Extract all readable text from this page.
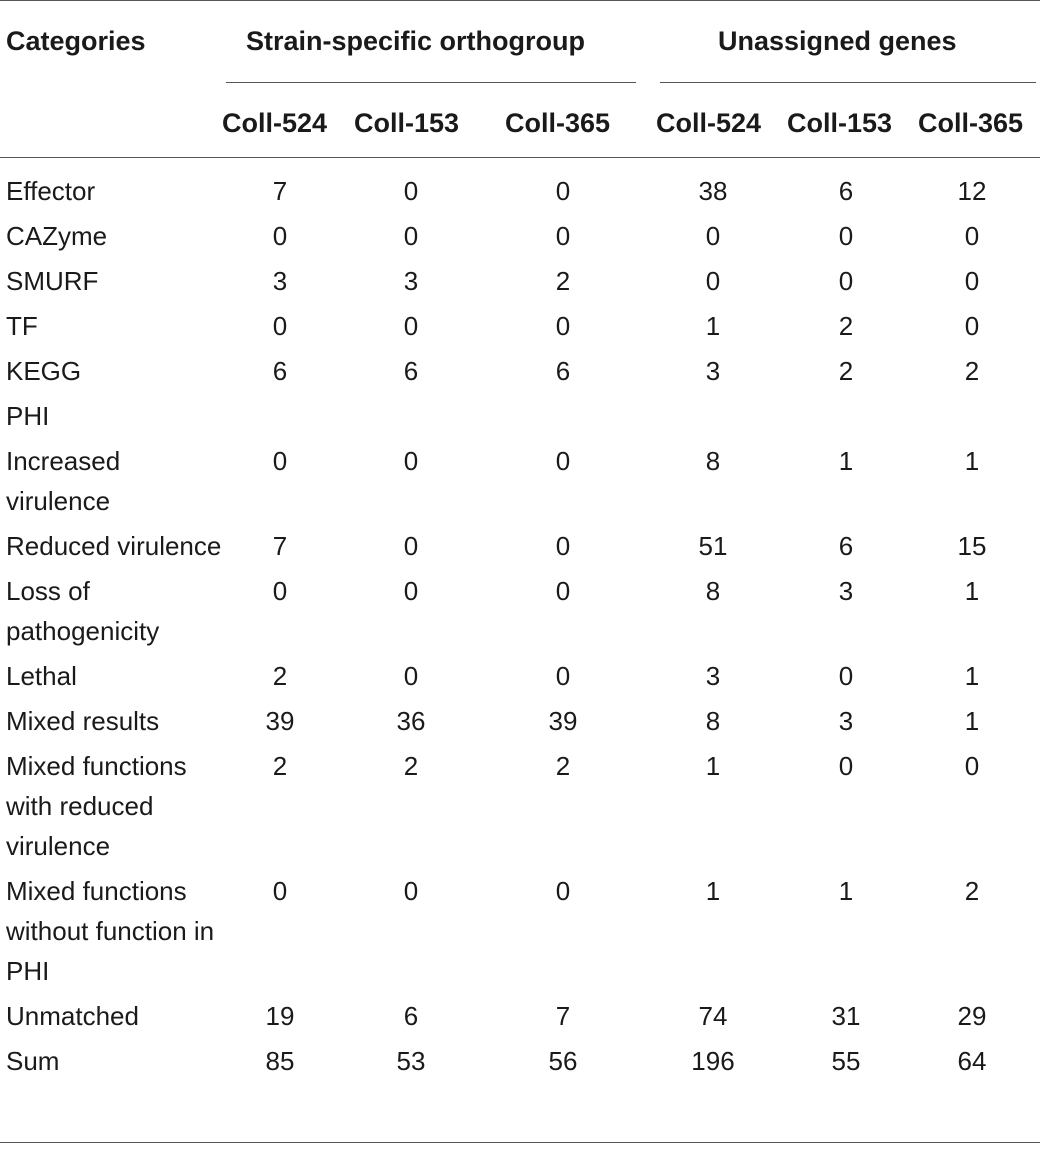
Categories	Strain-specific orthogroup	Unassigned genes
Coll-524 Coll-153 Coll-365 Coll-524 Coll-153 Coll-365
Effector	7	0	0	38	6	12
CAZyme	0	0	0	0	0	0
SMURF	3	3	2	0	0	0
TF	0	0	0	1	2	0
KEGG	6	6	6	3	2	2
PHI						
Increased virulence	0	0	0	8	1	1
Reduced virulence	7	0	0	51	6	15
Loss of pathogenicity	0	0	0	8	3	1
Lethal	2	0	0	3	0	1
Mixed results	39	36	39	8	3	1
Mixed functions with reduced virulence	2	2	2	1	0	0
Mixed functions without function in PHI	0	0	0	1	1	2
Unmatched	19	6	7	74	31	29
Sum	85	53	56	196	55	64
